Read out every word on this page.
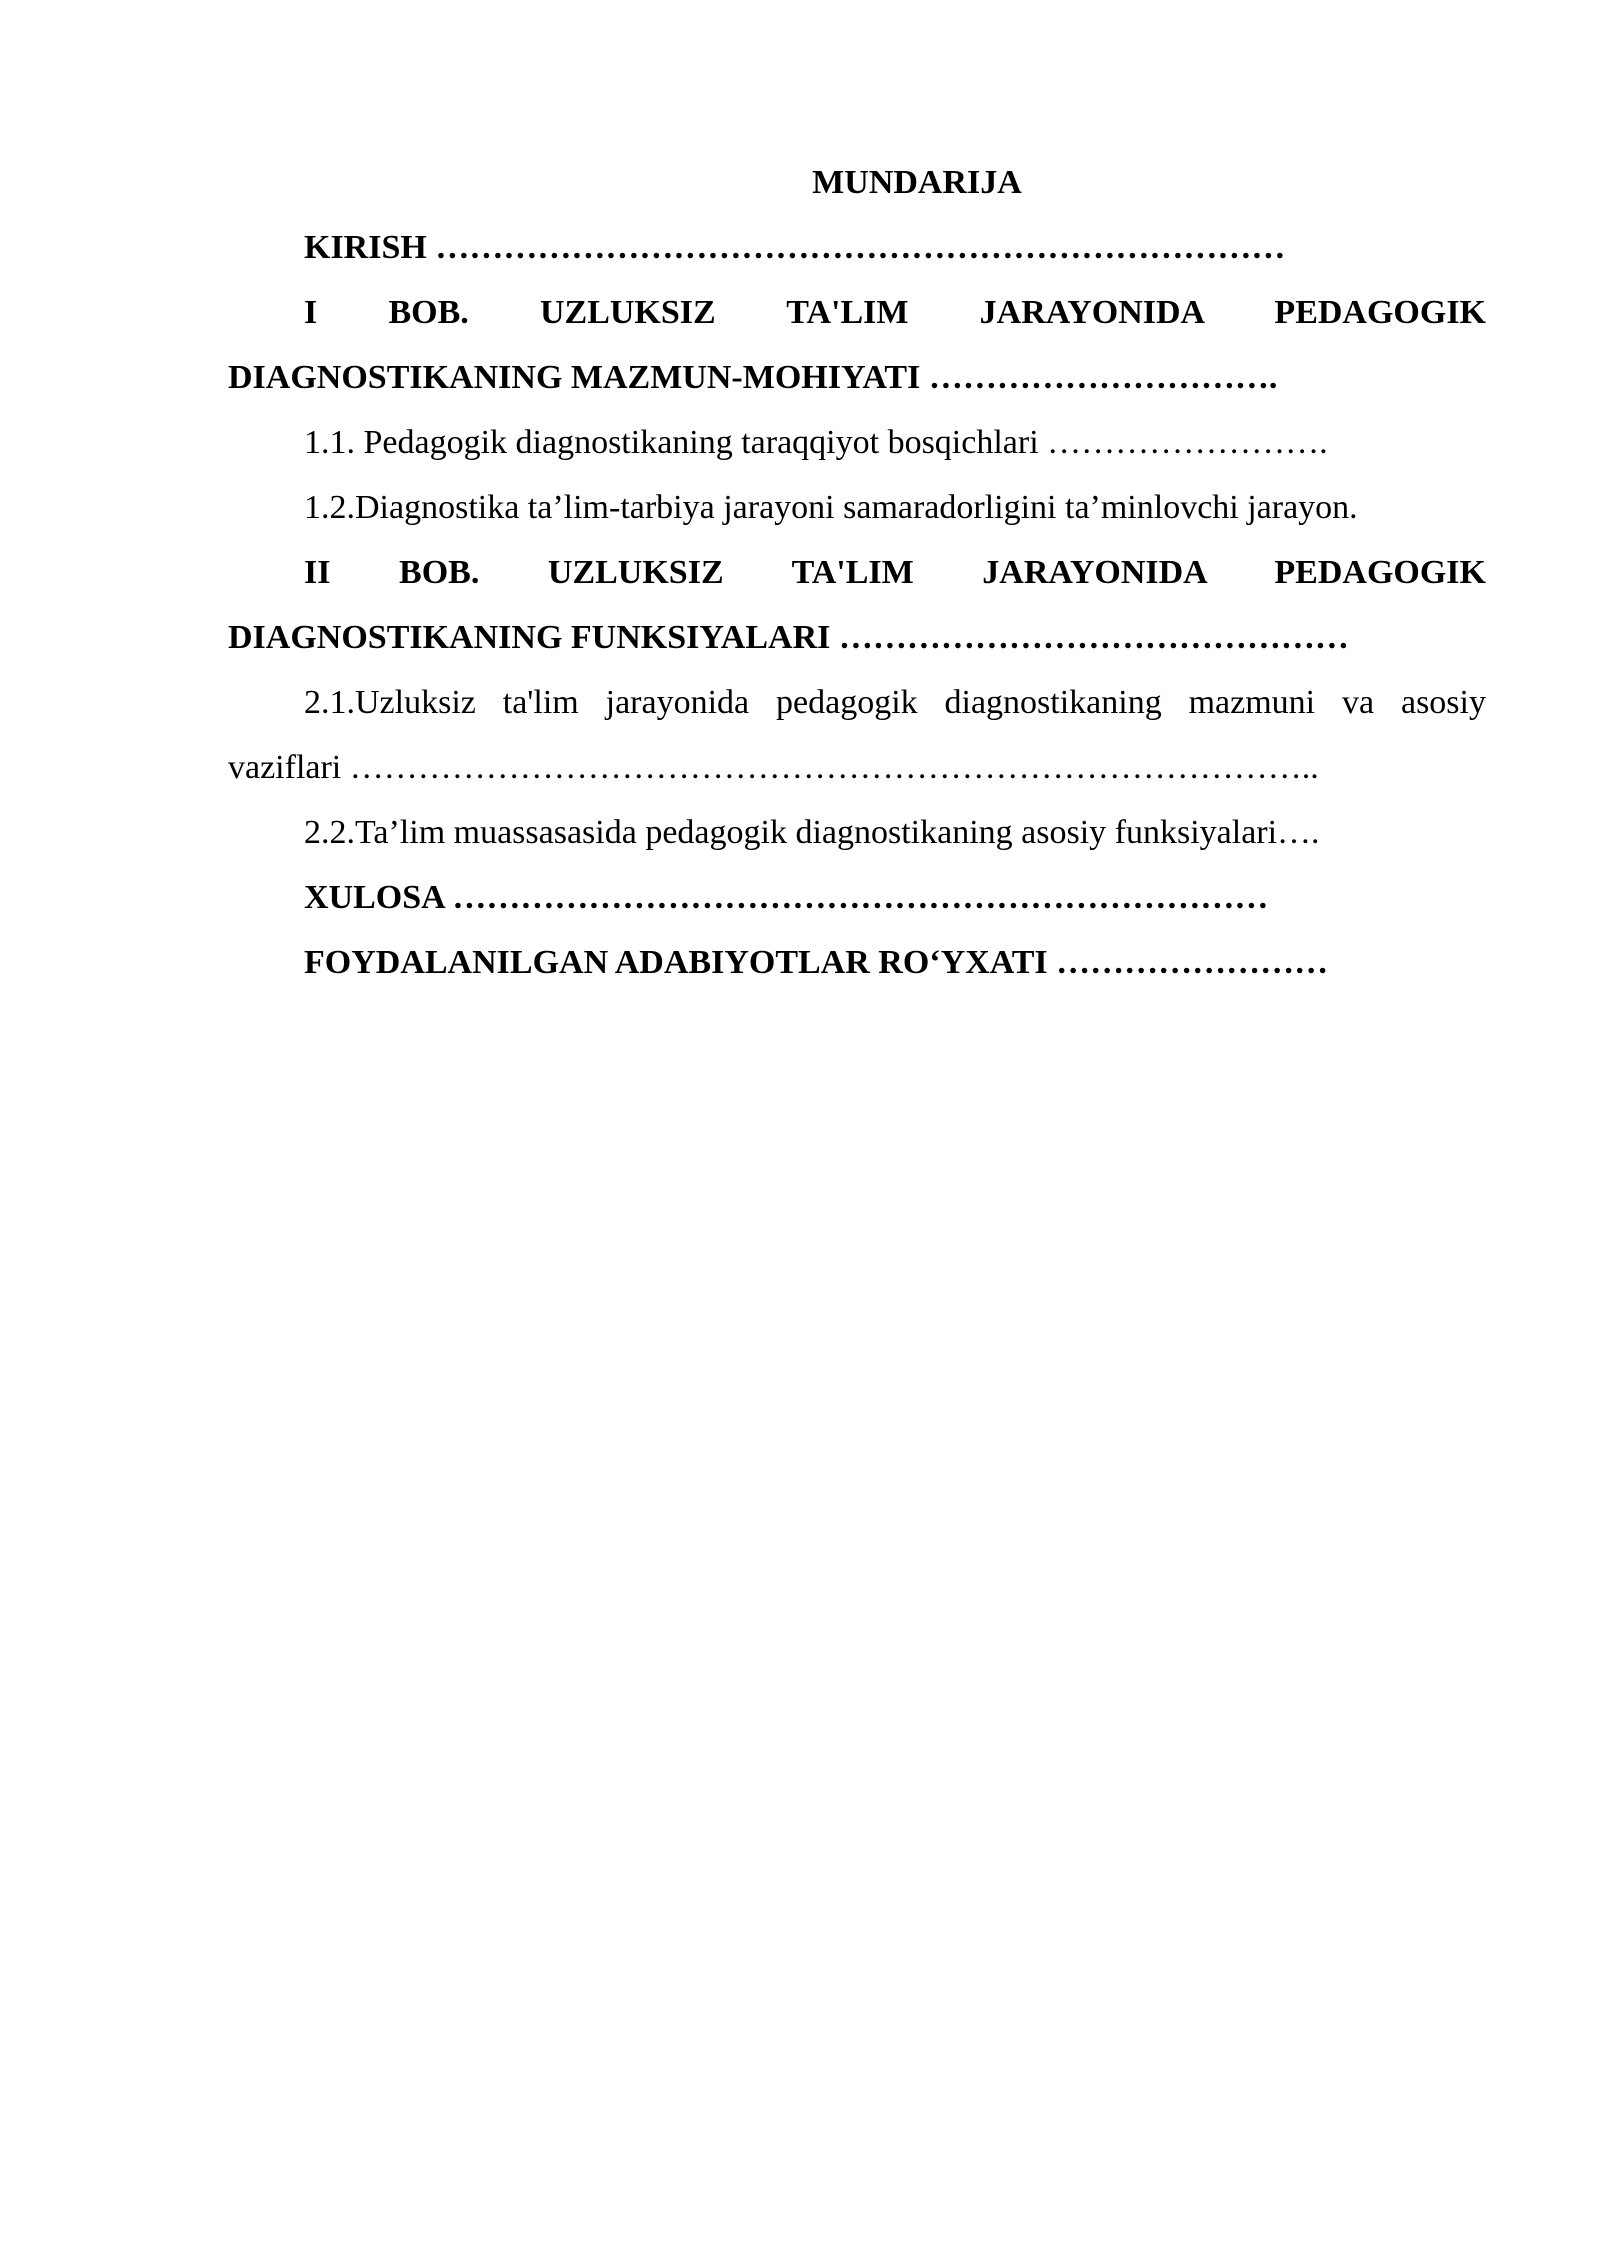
MUNDARIJA
KIRISH …………………………………………………………………
I BOB. UZLUKSIZ TA'LIM JARAYONIDA PEDAGOGIK
DIAGNOSTIKANING MAZMUN-MOHIYATI ………………………….
1.1. Pedagogik diagnostikaning taraqqiyot bosqichlari …………………….
1.2.Diagnostika ta’lim-tarbiya jarayoni samaradorligini ta’minlovchi jarayon.
II BOB. UZLUKSIZ TA'LIM JARAYONIDA PEDAGOGIK
DIAGNOSTIKANING FUNKSIYALARI ………………………………………
2.1.Uzluksiz ta'lim jarayonida pedagogik diagnostikaning mazmuni va asosiy
vaziflari …………………………………………………………………………..
2.2.Ta’lim muassasasida pedagogik diagnostikaning asosiy funksiyalari….
XULOSA ………………………………………………………………
FOYDALANILGAN ADABIYOTLAR RO‘YXATI ……………………
